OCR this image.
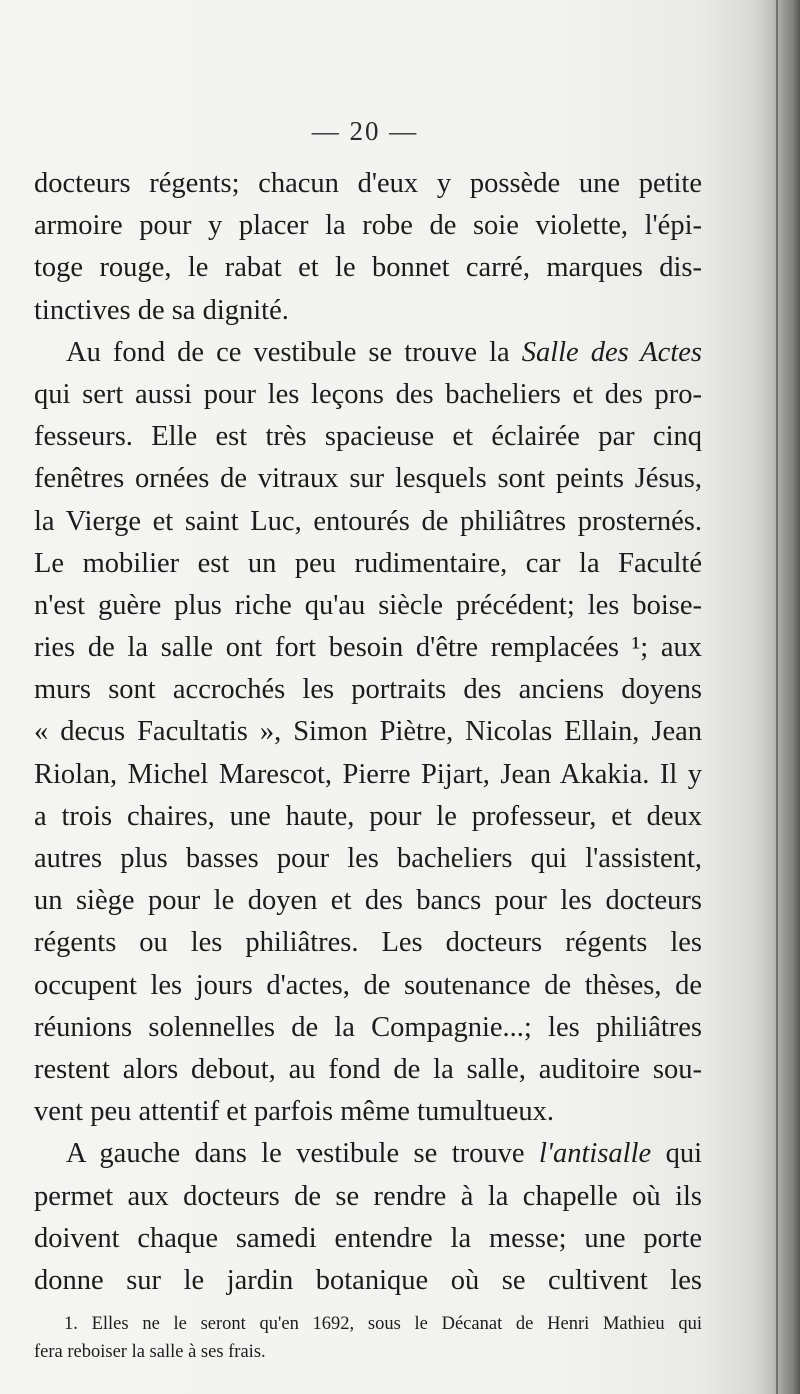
— 20 —
docteurs régents; chacun d'eux y possède une petite
armoire pour y placer la robe de soie violette, l'épi-
toge rouge, le rabat et le bonnet carré, marques dis-
tinctives de sa dignité.
Au fond de ce vestibule se trouve la Salle des Actes
qui sert aussi pour les leçons des bacheliers et des pro-
fesseurs. Elle est très spacieuse et éclairée par cinq
fenêtres ornées de vitraux sur lesquels sont peints Jésus,
la Vierge et saint Luc, entourés de philiâtres prosternés.
Le mobilier est un peu rudimentaire, car la Faculté
n'est guère plus riche qu'au siècle précédent; les boise-
ries de la salle ont fort besoin d'être remplacées ¹; aux
murs sont accrochés les portraits des anciens doyens
« decus Facultatis », Simon Piètre, Nicolas Ellain, Jean
Riolan, Michel Marescot, Pierre Pijart, Jean Akakia. Il y
a trois chaires, une haute, pour le professeur, et deux
autres plus basses pour les bacheliers qui l'assistent,
un siège pour le doyen et des bancs pour les docteurs
régents ou les philiâtres. Les docteurs régents les
occupent les jours d'actes, de soutenance de thèses, de
réunions solennelles de la Compagnie...; les philiâtres
restent alors debout, au fond de la salle, auditoire sou-
vent peu attentif et parfois même tumultueux.
A gauche dans le vestibule se trouve l'antisalle qui
permet aux docteurs de se rendre à la chapelle où ils
doivent chaque samedi entendre la messe; une porte
donne sur le jardin botanique où se cultivent les
1. Elles ne le seront qu'en 1692, sous le Décanat de Henri Mathieu qui
fera reboiser la salle à ses frais.
